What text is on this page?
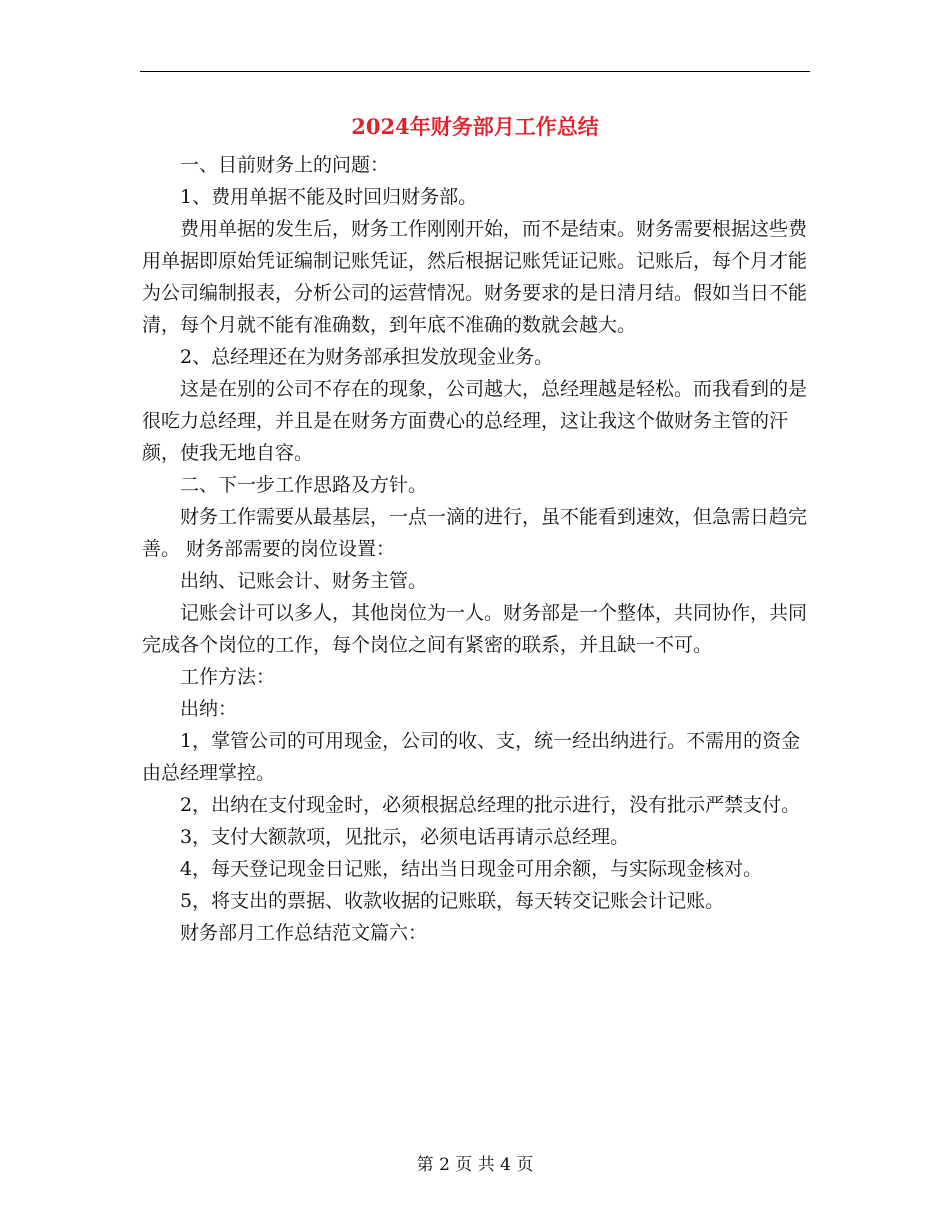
2024年财务部月工作总结

一、目前财务上的问题：

1、费用单据不能及时回归财务部。

费用单据的发生后，财务工作刚刚开始，而不是结束。财务需要根据这些费用单据即原始凭证编制记账凭证，然后根据记账凭证记账。记账后，每个月才能为公司编制报表，分析公司的运营情况。财务要求的是日清月结。假如当日不能清，每个月就不能有准确数，到年底不准确的数就会越大。

2、总经理还在为财务部承担发放现金业务。

这是在别的公司不存在的现象，公司越大，总经理越是轻松。而我看到的是很吃力总经理，并且是在财务方面费心的总经理，这让我这个做财务主管的汗颜，使我无地自容。

二、下一步工作思路及方针。

财务工作需要从最基层，一点一滴的进行，虽不能看到速效，但急需日趋完善。 财务部需要的岗位设置：

出纳、记账会计、财务主管。

记账会计可以多人，其他岗位为一人。财务部是一个整体，共同协作，共同完成各个岗位的工作，每个岗位之间有紧密的联系，并且缺一不可。

工作方法：

出纳：

1，掌管公司的可用现金，公司的收、支，统一经出纳进行。不需用的资金由总经理掌控。

2，出纳在支付现金时，必须根据总经理的批示进行，没有批示严禁支付。

3，支付大额款项，见批示，必须电话再请示总经理。

4，每天登记现金日记账，结出当日现金可用余额，与实际现金核对。

5，将支出的票据、收款收据的记账联，每天转交记账会计记账。

财务部月工作总结范文篇六：

第 2 页 共 4 页
